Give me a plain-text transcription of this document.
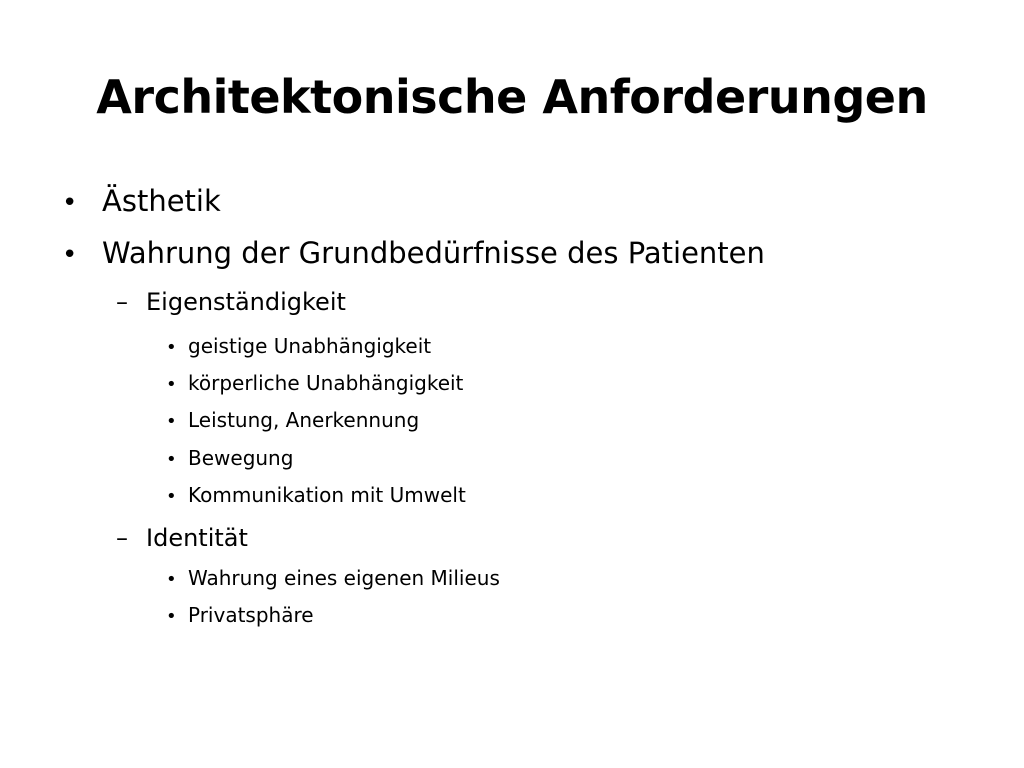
Architektonische Anforderungen
• Ästhetik
• Wahrung der Grundbedürfnisse des Patienten
– Eigenständigkeit
• geistige Unabhängigkeit
• körperliche Unabhängigkeit
• Leistung, Anerkennung
• Bewegung
• Kommunikation mit Umwelt
– Identität
• Wahrung eines eigenen Milieus
• Privatsphäre
